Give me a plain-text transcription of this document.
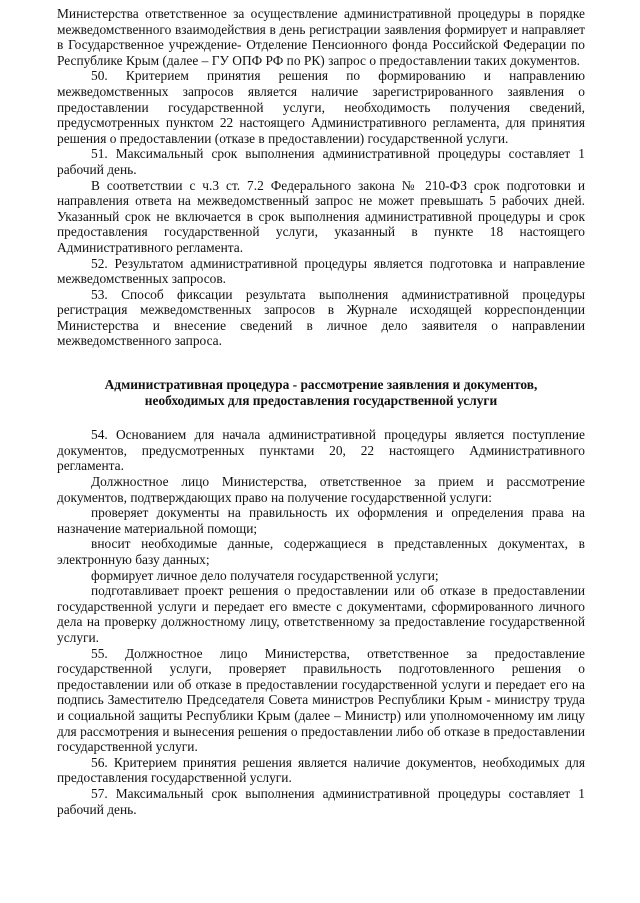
Министерства ответственное за осуществление административной процедуры в порядке межведомственного взаимодействия в день регистрации заявления формирует и направляет в Государственное учреждение- Отделение Пенсионного фонда Российской Федерации по Республике Крым (далее – ГУ ОПФ РФ по РК) запрос о предоставлении таких документов.

50. Критерием принятия решения по формированию и направлению межведомственных запросов является наличие зарегистрированного заявления о предоставлении государственной услуги, необходимость получения сведений, предусмотренных пунктом 22 настоящего Административного регламента, для принятия решения о предоставлении (отказе в предоставлении) государственной услуги.

51. Максимальный срок выполнения административной процедуры составляет 1 рабочий день.

В соответствии с ч.3 ст. 7.2 Федерального закона № 210-ФЗ срок подготовки и направления ответа на межведомственный запрос не может превышать 5 рабочих дней. Указанный срок не включается в срок выполнения административной процедуры и срок предоставления государственной услуги, указанный в пункте 18 настоящего Административного регламента.

52. Результатом административной процедуры является подготовка и направление межведомственных запросов.

53. Способ фиксации результата выполнения административной процедуры регистрация межведомственных запросов в Журнале исходящей корреспонденции Министерства и внесение сведений в личное дело заявителя о направлении межведомственного запроса.

Административная процедура - рассмотрение заявления и документов,
необходимых для предоставления государственной услуги

54. Основанием для начала административной процедуры является поступление документов, предусмотренных пунктами 20, 22 настоящего Административного регламента.

Должностное лицо Министерства, ответственное за прием и рассмотрение документов, подтверждающих право на получение государственной услуги:

проверяет документы на правильность их оформления и определения права на назначение материальной помощи;

вносит необходимые данные, содержащиеся в представленных документах, в электронную базу данных;

формирует личное дело получателя государственной услуги;

подготавливает проект решения о предоставлении или об отказе в предоставлении государственной услуги и передает его вместе с документами, сформированного личного дела на проверку должностному лицу, ответственному за предоставление государственной услуги.

55. Должностное лицо Министерства, ответственное за предоставление государственной услуги, проверяет правильность подготовленного решения о предоставлении или об отказе в предоставлении государственной услуги и передает его на подпись Заместителю Председателя Совета министров Республики Крым - министру труда и социальной защиты Республики Крым (далее – Министр) или уполномоченному им лицу для рассмотрения и вынесения решения о предоставлении либо об отказе в предоставлении государственной услуги.

56. Критерием принятия решения является наличие документов, необходимых для предоставления государственной услуги.

57. Максимальный срок выполнения административной процедуры составляет 1 рабочий день.
